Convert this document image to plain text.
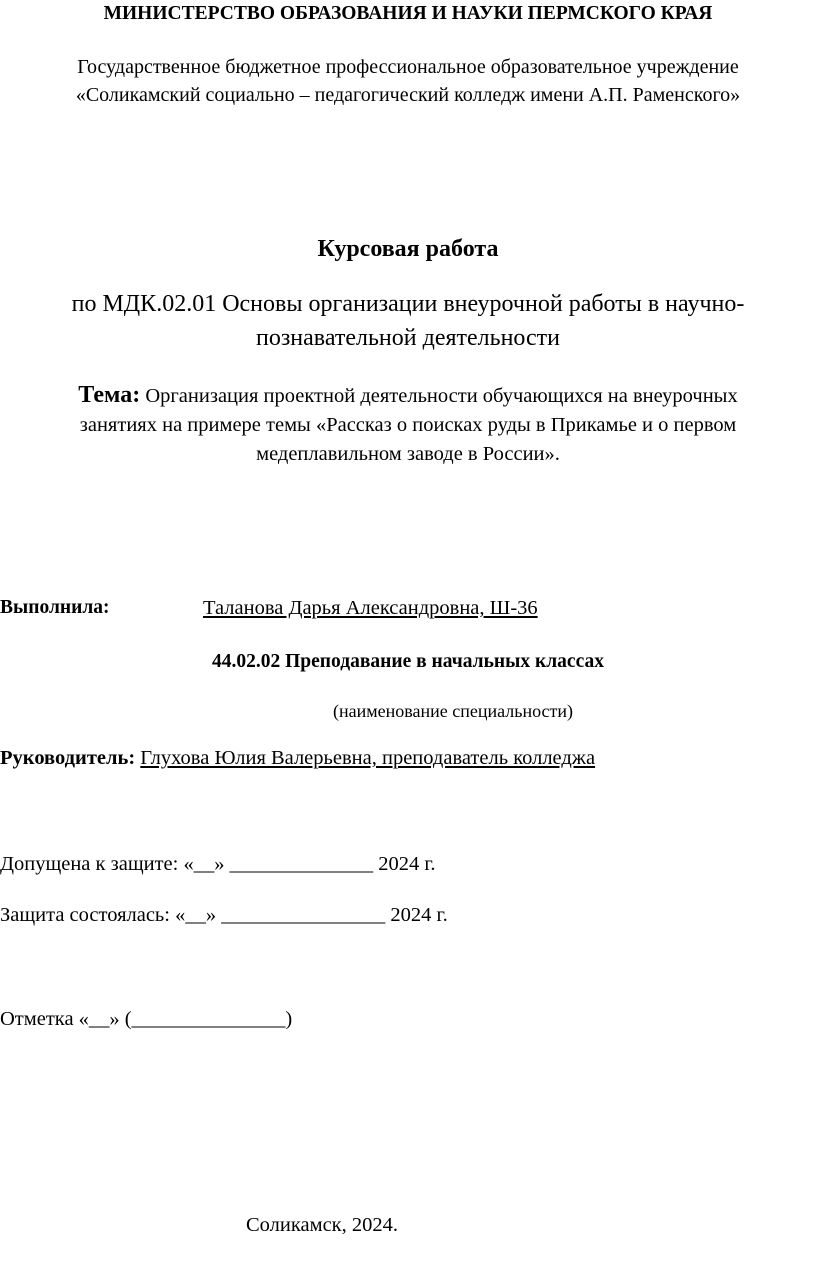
МИНИСТЕРСТВО ОБРАЗОВАНИЯ И НАУКИ ПЕРМСКОГО КРАЯ
Государственное бюджетное профессиональное образовательное учреждение
«Соликамский социально – педагогический колледж имени А.П. Раменского»
Курсовая работа
по МДК.02.01 Основы организации внеурочной работы в научно-
познавательной деятельности
Тема: Организация проектной деятельности обучающихся на внеурочных
занятиях на примере темы «Рассказ о поисках руды в Прикамье и о первом
медеплавильном заводе в России».
Выполнила:	Таланова Дарья Александровна, Ш-36
44.02.02 Преподавание в начальных классах
(наименование специальности)
Руководитель: Глухова Юлия Валерьевна, преподаватель колледжа
Допущена к защите: «__» ______________ 2024 г.
Защита состоялась: «__» ________________ 2024 г.
Отметка «__» (_______________)
Соликамск, 2024.
